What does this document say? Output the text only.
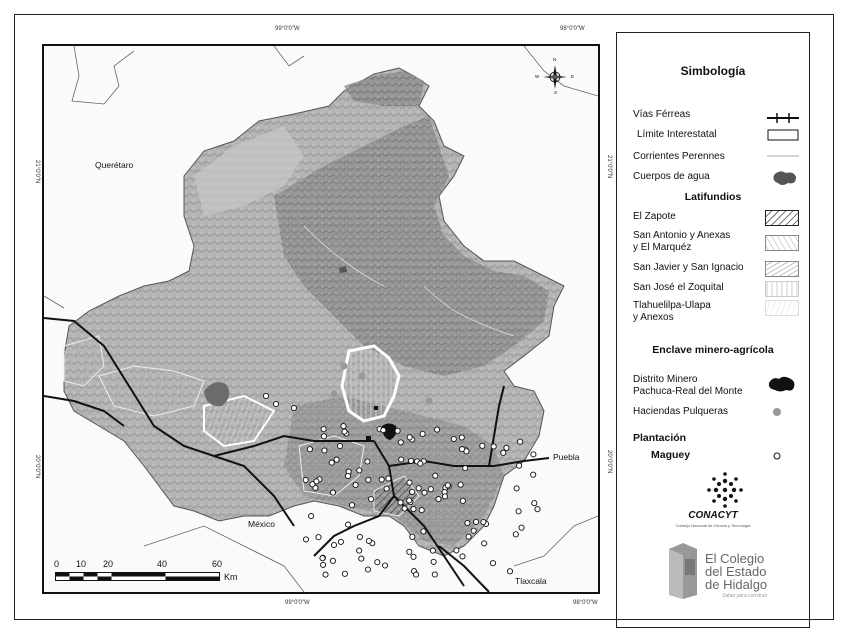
99°0'0"W	98°0'0"W
99°0'0"W	98°0'0"W
21°0'0"N
20°0'0"N
21°0'0"N
20°0'0"N
Querétaro
México
Puebla
Tlaxcala
N
S
E
W
0 10 20	40	60
Km
Simbología
Vías Férreas
Límite Interestatal
Corrientes Perennes
Cuerpos de agua
Latifundios
El Zapote
San Antonio y Anexas
y El Marquéz
San Javier y San Ignacio
San José el Zoquital
Tlahuelilpa-Ulapa
y Anexos
Enclave minero-agrícola
Distrito Minero
Pachuca-Real del Monte
Haciendas Pulqueras
Plantación
Maguey
CONACYT
Consejo Nacional de Ciencia y Tecnología
El Colegio
del Estado
de Hidalgo
Saber para construir
